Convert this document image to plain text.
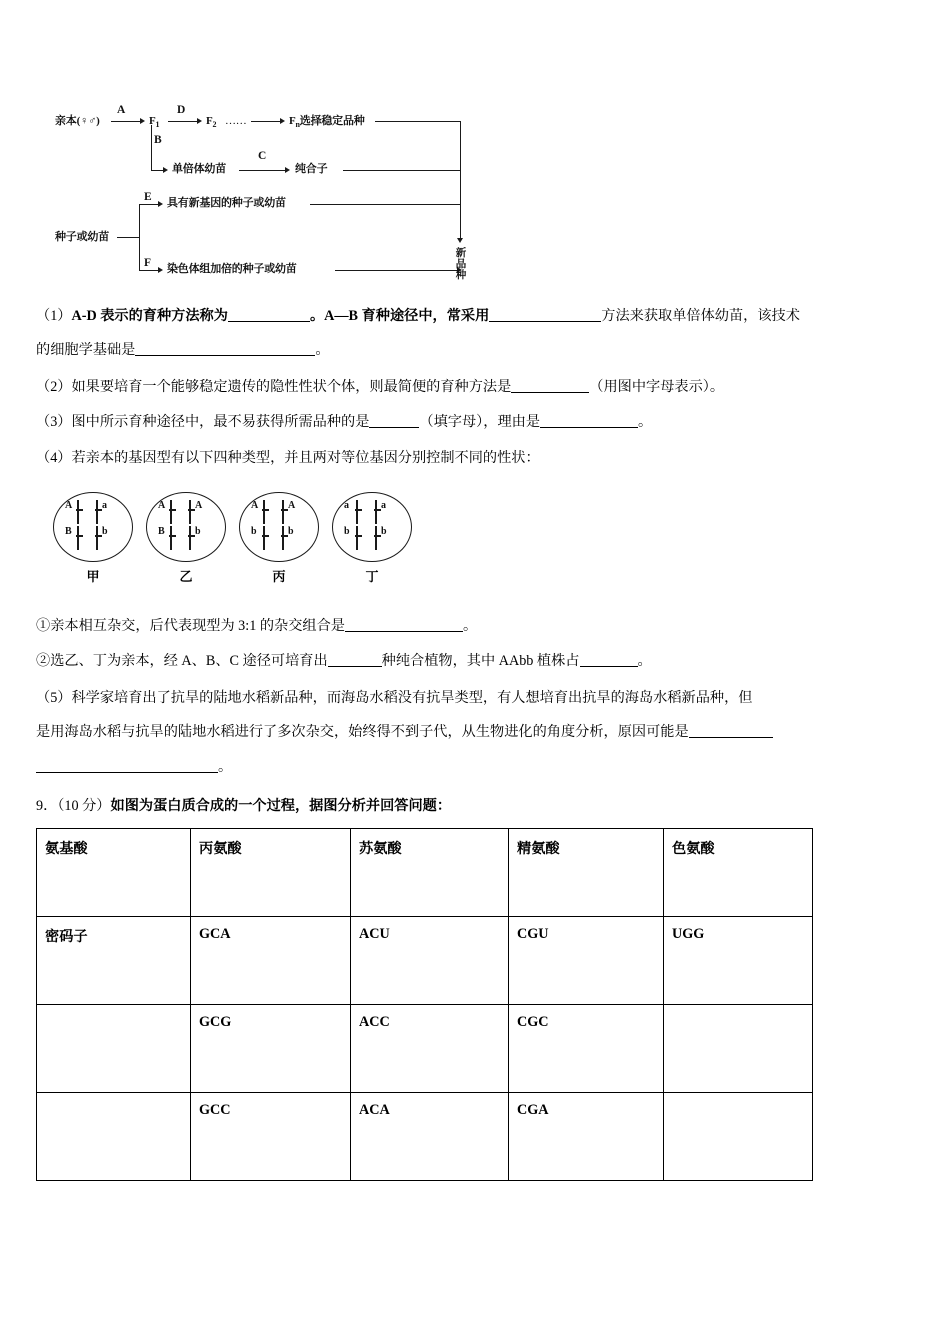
亲本(♀♂)
A
$F_1$
D
$F_2$ ……	$F_n$选择稳定品种
B
单倍体幼苗
C
纯合子
种子或幼苗
E 具有新基因的种子或幼苗
F 染色体组加倍的种子或幼苗
新品种
（1）A-D 表示的育种方法称为	。A—B 育种途径中，常采用	方法来获取单倍体幼苗，该技术
的细胞学基础是	。
（2）如果要培育一个能够稳定遗传的隐性性状个体，则最简便的育种方法是	（用图中字母表示）。
（3）图中所示育种途径中，最不易获得所需品种的是	（填字母），理由是	。
（4）若亲本的基因型有以下四种类型，并且两对等位基因分别控制不同的性状：
A	a
B	b
甲
A	A
B	b
乙
A	A
b	b
丙
a	a
b	b
丁
①亲本相互杂交，后代表现型为 3:1 的杂交组合是	。
②选乙、丁为亲本，经 A、B、C 途径可培育出	种纯合植物，其中 AAbb 植株占	。
（5）科学家培育出了抗旱的陆地水稻新品种，而海岛水稻没有抗旱类型，有人想培育出抗旱的海岛水稻新品种，但
是用海岛水稻与抗旱的陆地水稻进行了多次杂交，始终得不到子代，从生物进化的角度分析，原因可能是
。
9．（10 分）如图为蛋白质合成的一个过程，据图分析并回答问题：
氨基酸	丙氨酸	苏氨酸	精氨酸	色氨酸
密码子	GCA	ACU	CGU	UGG
	GCG	ACC	CGC	
	GCC	ACA	CGA	
